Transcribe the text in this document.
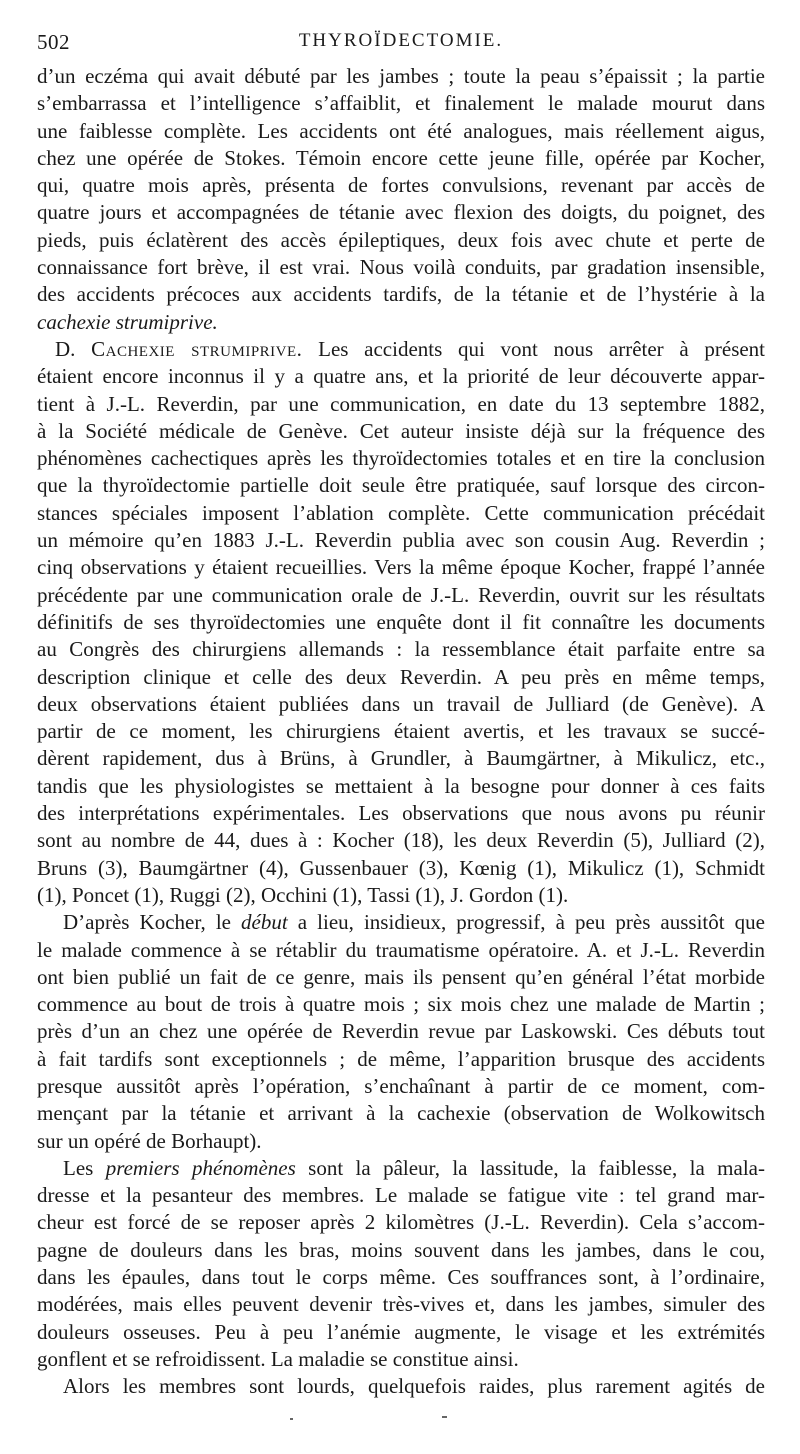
502	THYROÏDECTOMIE.
d’un eczéma qui avait débuté par les jambes ; toute la peau s’épaissit ; la partie
s’embarrassa et l’intelligence s’affaiblit, et finalement le malade mourut dans
une faiblesse complète. Les accidents ont été analogues, mais réellement aigus,
chez une opérée de Stokes. Témoin encore cette jeune fille, opérée par Kocher,
qui, quatre mois après, présenta de fortes convulsions, revenant par accès de
quatre jours et accompagnées de tétanie avec flexion des doigts, du poignet, des
pieds, puis éclatèrent des accès épileptiques, deux fois avec chute et perte de
connaissance fort brève, il est vrai. Nous voilà conduits, par gradation insensible,
des accidents précoces aux accidents tardifs, de la tétanie et de l’hystérie à la
cachexie strumiprive.
D. Cachexie strumiprive. Les accidents qui vont nous arrêter à présent
étaient encore inconnus il y a quatre ans, et la priorité de leur découverte appar-
tient à J.-L. Reverdin, par une communication, en date du 13 septembre 1882,
à la Société médicale de Genève. Cet auteur insiste déjà sur la fréquence des
phénomènes cachectiques après les thyroïdectomies totales et en tire la conclusion
que la thyroïdectomie partielle doit seule être pratiquée, sauf lorsque des circon-
stances spéciales imposent l’ablation complète. Cette communication précédait
un mémoire qu’en 1883 J.-L. Reverdin publia avec son cousin Aug. Reverdin ;
cinq observations y étaient recueillies. Vers la même époque Kocher, frappé l’année
précédente par une communication orale de J.-L. Reverdin, ouvrit sur les résultats
définitifs de ses thyroïdectomies une enquête dont il fit connaître les documents
au Congrès des chirurgiens allemands : la ressemblance était parfaite entre sa
description clinique et celle des deux Reverdin. A peu près en même temps,
deux observations étaient publiées dans un travail de Julliard (de Genève). A
partir de ce moment, les chirurgiens étaient avertis, et les travaux se succé-
dèrent rapidement, dus à Brüns, à Grundler, à Baumgärtner, à Mikulicz, etc.,
tandis que les physiologistes se mettaient à la besogne pour donner à ces faits
des interprétations expérimentales. Les observations que nous avons pu réunir
sont au nombre de 44, dues à : Kocher (18), les deux Reverdin (5), Julliard (2),
Bruns (3), Baumgärtner (4), Gussenbauer (3), Kœnig (1), Mikulicz (1), Schmidt
(1), Poncet (1), Ruggi (2), Occhini (1), Tassi (1), J. Gordon (1).
D’après Kocher, le début a lieu, insidieux, progressif, à peu près aussitôt que
le malade commence à se rétablir du traumatisme opératoire. A. et J.-L. Reverdin
ont bien publié un fait de ce genre, mais ils pensent qu’en général l’état morbide
commence au bout de trois à quatre mois ; six mois chez une malade de Martin ;
près d’un an chez une opérée de Reverdin revue par Laskowski. Ces débuts tout
à fait tardifs sont exceptionnels ; de même, l’apparition brusque des accidents
presque aussitôt après l’opération, s’enchaînant à partir de ce moment, com-
mençant par la tétanie et arrivant à la cachexie (observation de Wolkowitsch
sur un opéré de Borhaupt).
Les premiers phénomènes sont la pâleur, la lassitude, la faiblesse, la mala-
dresse et la pesanteur des membres. Le malade se fatigue vite : tel grand mar-
cheur est forcé de se reposer après 2 kilomètres (J.-L. Reverdin). Cela s’accom-
pagne de douleurs dans les bras, moins souvent dans les jambes, dans le cou,
dans les épaules, dans tout le corps même. Ces souffrances sont, à l’ordinaire,
modérées, mais elles peuvent devenir très-vives et, dans les jambes, simuler des
douleurs osseuses. Peu à peu l’anémie augmente, le visage et les extrémités
gonflent et se refroidissent. La maladie se constitue ainsi.
Alors les membres sont lourds, quelquefois raides, plus rarement agités de
